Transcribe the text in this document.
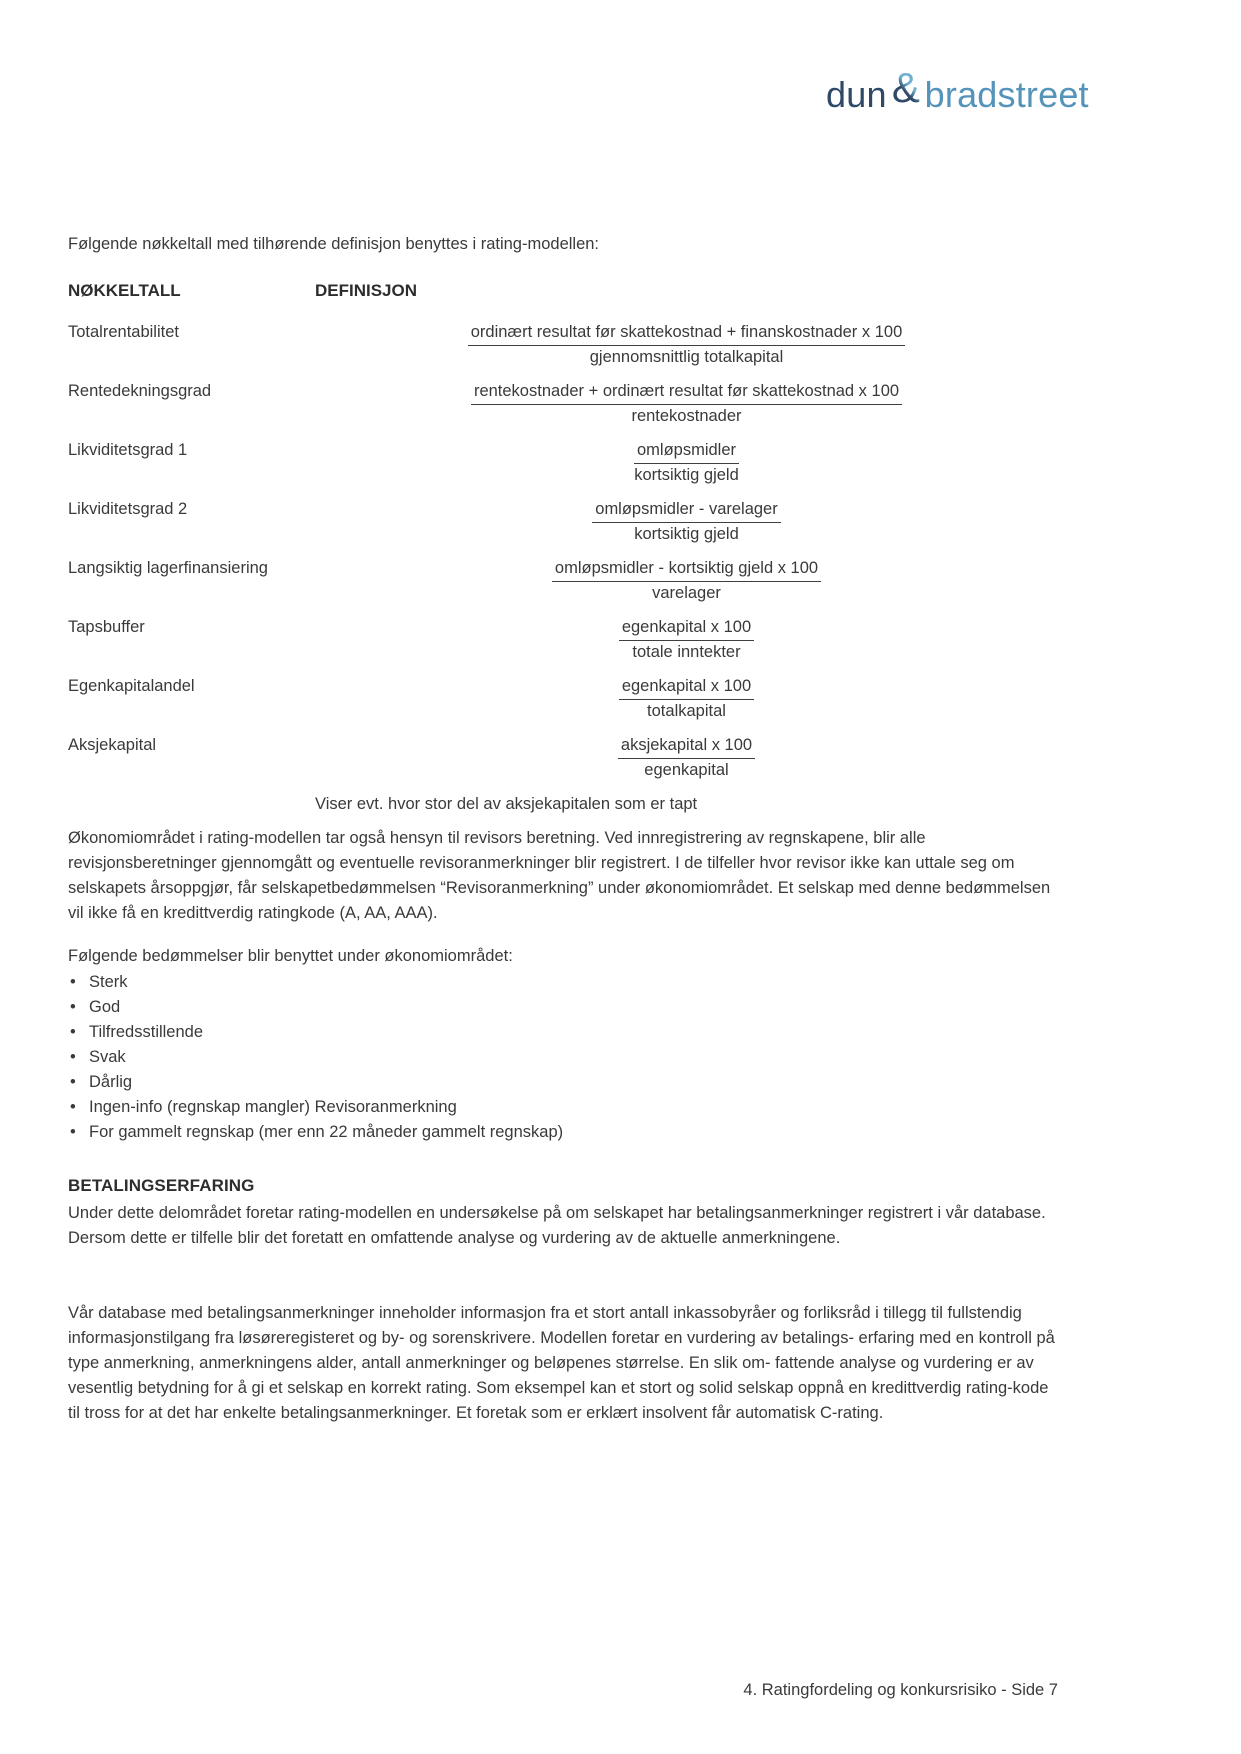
dun & bradstreet
Følgende nøkkeltall med tilhørende definisjon benyttes i rating-modellen:
NØKKELTALL	DEFINISJON
Totalrentabilitet	$\frac{\text{ordinært resultat før skattekostnad + finanskostnader x 100}}{\text{gjennomsnittlig totalkapital}}$
Rentedekningsgrad	$\frac{\text{rentekostnader + ordinært resultat før skattekostnad x 100}}{\text{rentekostnader}}$
Likviditetsgrad 1	$\frac{\text{omløpsmidler}}{\text{kortsiktig gjeld}}$
Likviditetsgrad 2	$\frac{\text{omløpsmidler - varelager}}{\text{kortsiktig gjeld}}$
Langsiktig lagerfinansiering	$\frac{\text{omløpsmidler - kortsiktig gjeld x 100}}{\text{varelager}}$
Tapsbuffer	$\frac{\text{egenkapital x 100}}{\text{totale inntekter}}$
Egenkapitalandel	$\frac{\text{egenkapital x 100}}{\text{totalkapital}}$
Aksjekapital	$\frac{\text{aksjekapital x 100}}{\text{egenkapital}}$
Viser evt. hvor stor del av aksjekapitalen som er tapt
Økonomiområdet i rating-modellen tar også hensyn til revisors beretning. Ved innregistrering av regnskapene, blir alle revisjonsberetninger gjennomgått og eventuelle revisoranmerkninger blir registrert. I de tilfeller hvor revisor ikke kan uttale seg om selskapets årsoppgjør, får selskapetbedømmelsen “Revisoranmerkning” under økonomiområdet. Et selskap med denne bedømmelsen vil ikke få en kredittverdig ratingkode (A, AA, AAA).
Følgende bedømmelser blir benyttet under økonomiområdet:
• Sterk
• God
• Tilfredsstillende
• Svak
• Dårlig
• Ingen-info (regnskap mangler) Revisoranmerkning
• For gammelt regnskap (mer enn 22 måneder gammelt regnskap)
BETALINGSERFARING
Under dette delområdet foretar rating-modellen en undersøkelse på om selskapet har betalingsanmerkninger registrert i vår database. Dersom dette er tilfelle blir det foretatt en omfattende analyse og vurdering av de aktuelle anmerkningene.
Vår database med betalingsanmerkninger inneholder informasjon fra et stort antall inkassobyråer og forliksråd i tillegg til fullstendig informasjonstilgang fra løsøreregisteret og by- og sorenskrivere. Modellen foretar en vurdering av betalings- erfaring med en kontroll på type anmerkning, anmerkningens alder, antall anmerkninger og beløpenes størrelse. En slik om- fattende analyse og vurdering er av vesentlig betydning for å gi et selskap en korrekt rating. Som eksempel kan et stort og solid selskap oppnå en kredittverdig rating-kode til tross for at det har enkelte betalingsanmerkninger. Et foretak som er erklært insolvent får automatisk C-rating.
4. Ratingfordeling og konkursrisiko - Side 7
